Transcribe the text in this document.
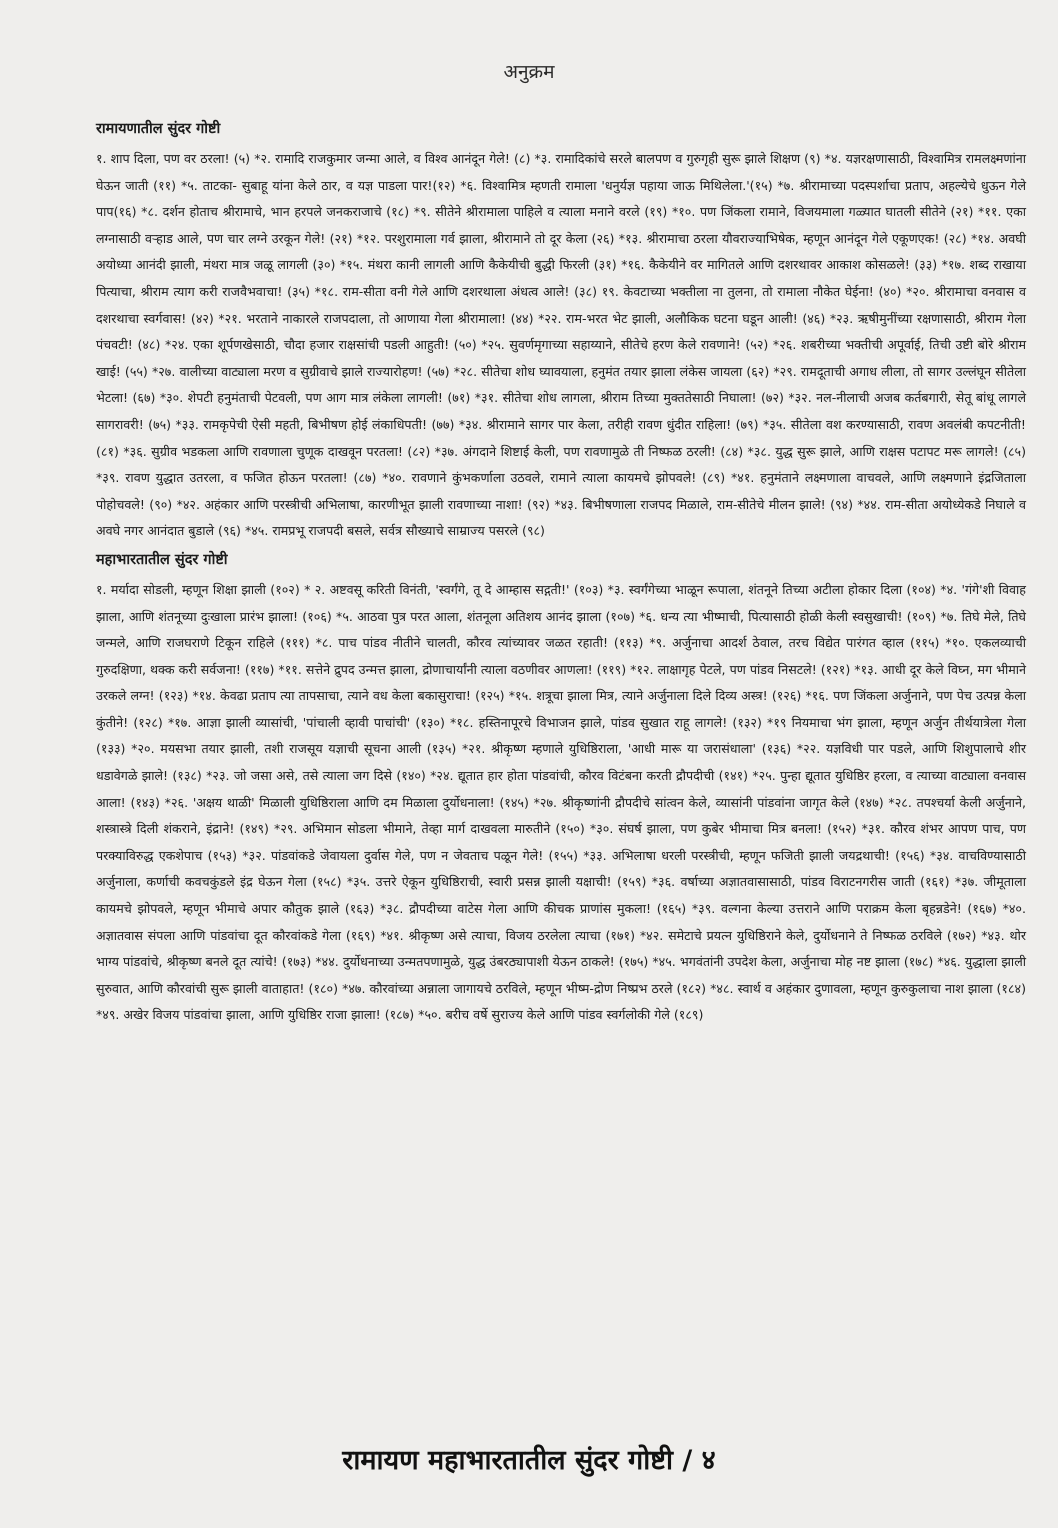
अनुक्रम
रामायणातील सुंदर गोष्टी

१. शाप दिला, पण वर ठरला! (५) *२. रामादि राजकुमार जन्मा आले, व विश्व आनंदून गेले! (८) *३. रामादिकांचे सरले बालपण व गुरुगृही सुरू झाले शिक्षण (९) *४. यज्ञरक्षणासाठी, विश्वामित्र रामलक्ष्मणांना घेऊन जाती (११) *५. ताटका- सुबाहू यांना केले ठार, व यज्ञ पाडला पार!(१२) *६. विश्वामित्र म्हणती रामाला 'धनुर्यज्ञ पहाया जाऊ मिथिलेला.'(१५) *७. श्रीरामाच्या पदस्पर्शाचा प्रताप, अहल्येचे धुऊन गेले पाप(१६) *८. दर्शन होताच श्रीरामाचे, भान हरपले जनकराजाचे (१८) *९. सीतेने श्रीरामाला पाहिले व त्याला मनाने वरले (१९) *१०. पण जिंकला रामाने, विजयमाला गळ्यात घातली सीतेने (२१) *११. एका लग्नासाठी वऱ्हाड आले, पण चार लग्ने उरकून गेले! (२१) *१२. परशुरामाला गर्व झाला, श्रीरामाने तो दूर केला (२६) *१३. श्रीरामाचा ठरला यौवराज्याभिषेक, म्हणून आनंदून गेले एकूणएक! (२८) *१४. अवघी अयोध्या आनंदी झाली, मंथरा मात्र जळू लागली (३०) *१५. मंथरा कानी लागली आणि कैकेयीची बुद्धी फिरली (३१) *१६. कैकेयीने वर मागितले आणि दशरथावर आकाश कोसळले! (३३) *१७. शब्द राखाया पित्याचा, श्रीराम त्याग करी राजवैभवाचा! (३५) *१८. राम-सीता वनी गेले आणि दशरथाला अंधत्व आले! (३८) १९. केवटाच्या भक्तीला ना तुलना, तो रामाला नौकेत घेईना! (४०) *२०. श्रीरामाचा वनवास व दशरथाचा स्वर्गवास! (४२) *२१. भरताने नाकारले राजपदाला, तो आणाया गेला श्रीरामाला! (४४) *२२. राम-भरत भेट झाली, अलौकिक घटना घडून आली! (४६) *२३. ऋषीमुनींच्या रक्षणासाठी, श्रीराम गेला पंचवटी! (४८) *२४. एका शूर्पणखेसाठी, चौदा हजार राक्षसांची पडली आहुती! (५०) *२५. सुवर्णमृगाच्या सहाय्याने, सीतेचे हरण केले रावणाने! (५२) *२६. शबरीच्या भक्तीची अपूर्वाई, तिची उष्टी बोरे श्रीराम खाई! (५५) *२७. वालीच्या वाट्याला मरण व सुग्रीवाचे झाले राज्यारोहण! (५७) *२८. सीतेचा शोध घ्यावयाला, हनुमंत तयार झाला लंकेस जायला (६२) *२९. रामदूताची अगाध लीला, तो सागर उल्लंघून सीतेला भेटला! (६७) *३०. शेपटी हनुमंताची पेटवली, पण आग मात्र लंकेला लागली! (७१) *३१. सीतेचा शोध लागला, श्रीराम तिच्या मुक्ततेसाठी निघाला! (७२) *३२. नल-नीलाची अजब कर्तबगारी, सेतू बांधू लागले सागरावरी! (७५) *३३. रामकृपेची ऐसी महती, बिभीषण होई लंकाधिपती! (७७) *३४. श्रीरामाने सागर पार केला, तरीही रावण धुंदीत राहिला! (७९) *३५. सीतेला वश करण्यासाठी, रावण अवलंबी कपटनीती! (८१) *३६. सुग्रीव भडकला आणि रावणाला चुणूक दाखवून परतला! (८२) *३७. अंगदाने शिष्टाई केली, पण रावणामुळे ती निष्फळ ठरली! (८४) *३८. युद्ध सुरू झाले, आणि राक्षस पटापट मरू लागले! (८५) *३९. रावण युद्धात उतरला, व फजित होऊन परतला! (८७) *४०. रावणाने कुंभकर्णाला उठवले, रामाने त्याला कायमचे झोपवले! (८९) *४१. हनुमंताने लक्ष्मणाला वाचवले, आणि लक्ष्मणाने इंद्रजिताला पोहोचवले! (९०) *४२. अहंकार आणि परस्त्रीची अभिलाषा, कारणीभूत झाली रावणाच्या नाशा! (९२) *४३. बिभीषणाला राजपद मिळाले, राम-सीतेचे मीलन झाले! (९४) *४४. राम-सीता अयोध्येकडे निघाले व अवघे नगर आनंदात बुडाले (९६) *४५. रामप्रभू राजपदी बसले, सर्वत्र सौख्याचे साम्राज्य पसरले (९८)

महाभारतातील सुंदर गोष्टी

१. मर्यादा सोडली, म्हणून शिक्षा झाली (१०२) * २. अष्टवसू करिती विनंती, 'स्वर्गंगे, तू दे आम्हास सद्गती!' (१०३) *३. स्वर्गंगेच्या भाळून रूपाला, शंतनूने तिच्या अटीला होकार दिला (१०४) *४. 'गंगे'शी विवाह झाला, आणि शंतनूच्या दुःखाला प्रारंभ झाला! (१०६) *५. आठवा पुत्र परत आला, शंतनूला अतिशय आनंद झाला (१०७) *६. धन्य त्या भीष्माची, पित्यासाठी होळी केली स्वसुखाची! (१०९) *७. तिघे मेले, तिघे जन्मले, आणि राजघराणे टिकून राहिले (१११) *८. पाच पांडव नीतीने चालती, कौरव त्यांच्यावर जळत रहाती! (११३) *९. अर्जुनाचा आदर्श ठेवाल, तरच विद्येत पारंगत व्हाल (११५) *१०. एकलव्याची गुरुदक्षिणा, थक्क करी सर्वजना! (११७) *११. सत्तेने द्रुपद उन्मत्त झाला, द्रोणाचार्यांनी त्याला वठणीवर आणला! (११९) *१२. लाक्षागृह पेटले, पण पांडव निसटले! (१२१) *१३. आधी दूर केले विघ्न, मग भीमाने उरकले लग्न! (१२३) *१४. केवढा प्रताप त्या तापसाचा, त्याने वध केला बकासुराचा! (१२५) *१५. शत्रूचा झाला मित्र, त्याने अर्जुनाला दिले दिव्य अस्त्र! (१२६) *१६. पण जिंकला अर्जुनाने, पण पेच उत्पन्न केला कुंतीने! (१२८) *१७. आज्ञा झाली व्यासांची, 'पांचाली व्हावी पाचांची' (१३०) *१८. हस्तिनापूरचे विभाजन झाले, पांडव सुखात राहू लागले! (१३२) *१९ नियमाचा भंग झाला, म्हणून अर्जुन तीर्थयात्रेला गेला (१३३) *२०. मयसभा तयार झाली, तशी राजसूय यज्ञाची सूचना आली (१३५) *२१. श्रीकृष्ण म्हणाले युधिष्ठिराला, 'आधी मारू या जरासंधाला' (१३६) *२२. यज्ञविधी पार पडले, आणि शिशुपालाचे शीर धडावेगळे झाले! (१३८) *२३. जो जसा असे, तसे त्याला जग दिसे (१४०) *२४. द्यूतात हार होता पांडवांची, कौरव विटंबना करती द्रौपदीची (१४१) *२५. पुन्हा द्यूतात युधिष्ठिर हरला, व त्याच्या वाट्याला वनवास आला! (१४३) *२६. 'अक्षय थाळी' मिळाली युधिष्ठिराला आणि दम मिळाला दुर्योधनाला! (१४५) *२७. श्रीकृष्णांनी द्रौपदीचे सांत्वन केले, व्यासांनी पांडवांना जागृत केले (१४७) *२८. तपश्चर्या केली अर्जुनाने, शस्त्रास्त्रे दिली शंकराने, इंद्राने! (१४९) *२९. अभिमान सोडला भीमाने, तेव्हा मार्ग दाखवला मारुतीने (१५०) *३०. संघर्ष झाला, पण कुबेर भीमाचा मित्र बनला! (१५२) *३१. कौरव शंभर आपण पाच, पण परक्याविरुद्ध एकशेपाच (१५३) *३२. पांडवांकडे जेवायला दुर्वास गेले, पण न जेवताच पळून गेले! (१५५) *३३. अभिलाषा धरली परस्त्रीची, म्हणून फजिती झाली जयद्रथाची! (१५६) *३४. वाचविण्यासाठी अर्जुनाला, कर्णाची कवचकुंडले इंद्र घेऊन गेला (१५८) *३५. उत्तरे ऐकून युधिष्ठिराची, स्वारी प्रसन्न झाली यक्षाची! (१५९) *३६. वर्षाच्या अज्ञातवासासाठी, पांडव विराटनगरीस जाती (१६१) *३७. जीमूताला कायमचे झोपवले, म्हणून भीमाचे अपार कौतुक झाले (१६३) *३८. द्रौपदीच्या वाटेस गेला आणि कीचक प्राणांस मुकला! (१६५) *३९. वल्गना केल्या उत्तराने आणि पराक्रम केला बृहन्नडेने! (१६७) *४०. अज्ञातवास संपला आणि पांडवांचा दूत कौरवांकडे गेला (१६९) *४१. श्रीकृष्ण असे त्याचा, विजय ठरलेला त्याचा (१७१) *४२. समेटाचे प्रयत्न युधिष्ठिराने केले, दुर्योधनाने ते निष्फळ ठरविले (१७२) *४३. थोर भाग्य पांडवांचे, श्रीकृष्ण बनले दूत त्यांचे! (१७३) *४४. दुर्योधनाच्या उन्मतपणामुळे, युद्ध उंबरठ्यापाशी येऊन ठाकले! (१७५) *४५. भगवंतांनी उपदेश केला, अर्जुनाचा मोह नष्ट झाला (१७८) *४६. युद्धाला झाली सुरुवात, आणि कौरवांची सुरू झाली वाताहात! (१८०) *४७. कौरवांच्या अन्नाला जागायचे ठरविले, म्हणून भीष्म-द्रोण निष्प्रभ ठरले (१८२) *४८. स्वार्थ व अहंकार दुणावला, म्हणून कुरुकुलाचा नाश झाला (१८४) *४९. अखेर विजय पांडवांचा झाला, आणि युधिष्ठिर राजा झाला! (१८७) *५०. बरीच वर्षे सुराज्य केले आणि पांडव स्वर्गलोकी गेले (१८९)

रामायण महाभारतातील सुंदर गोष्टी / ४
